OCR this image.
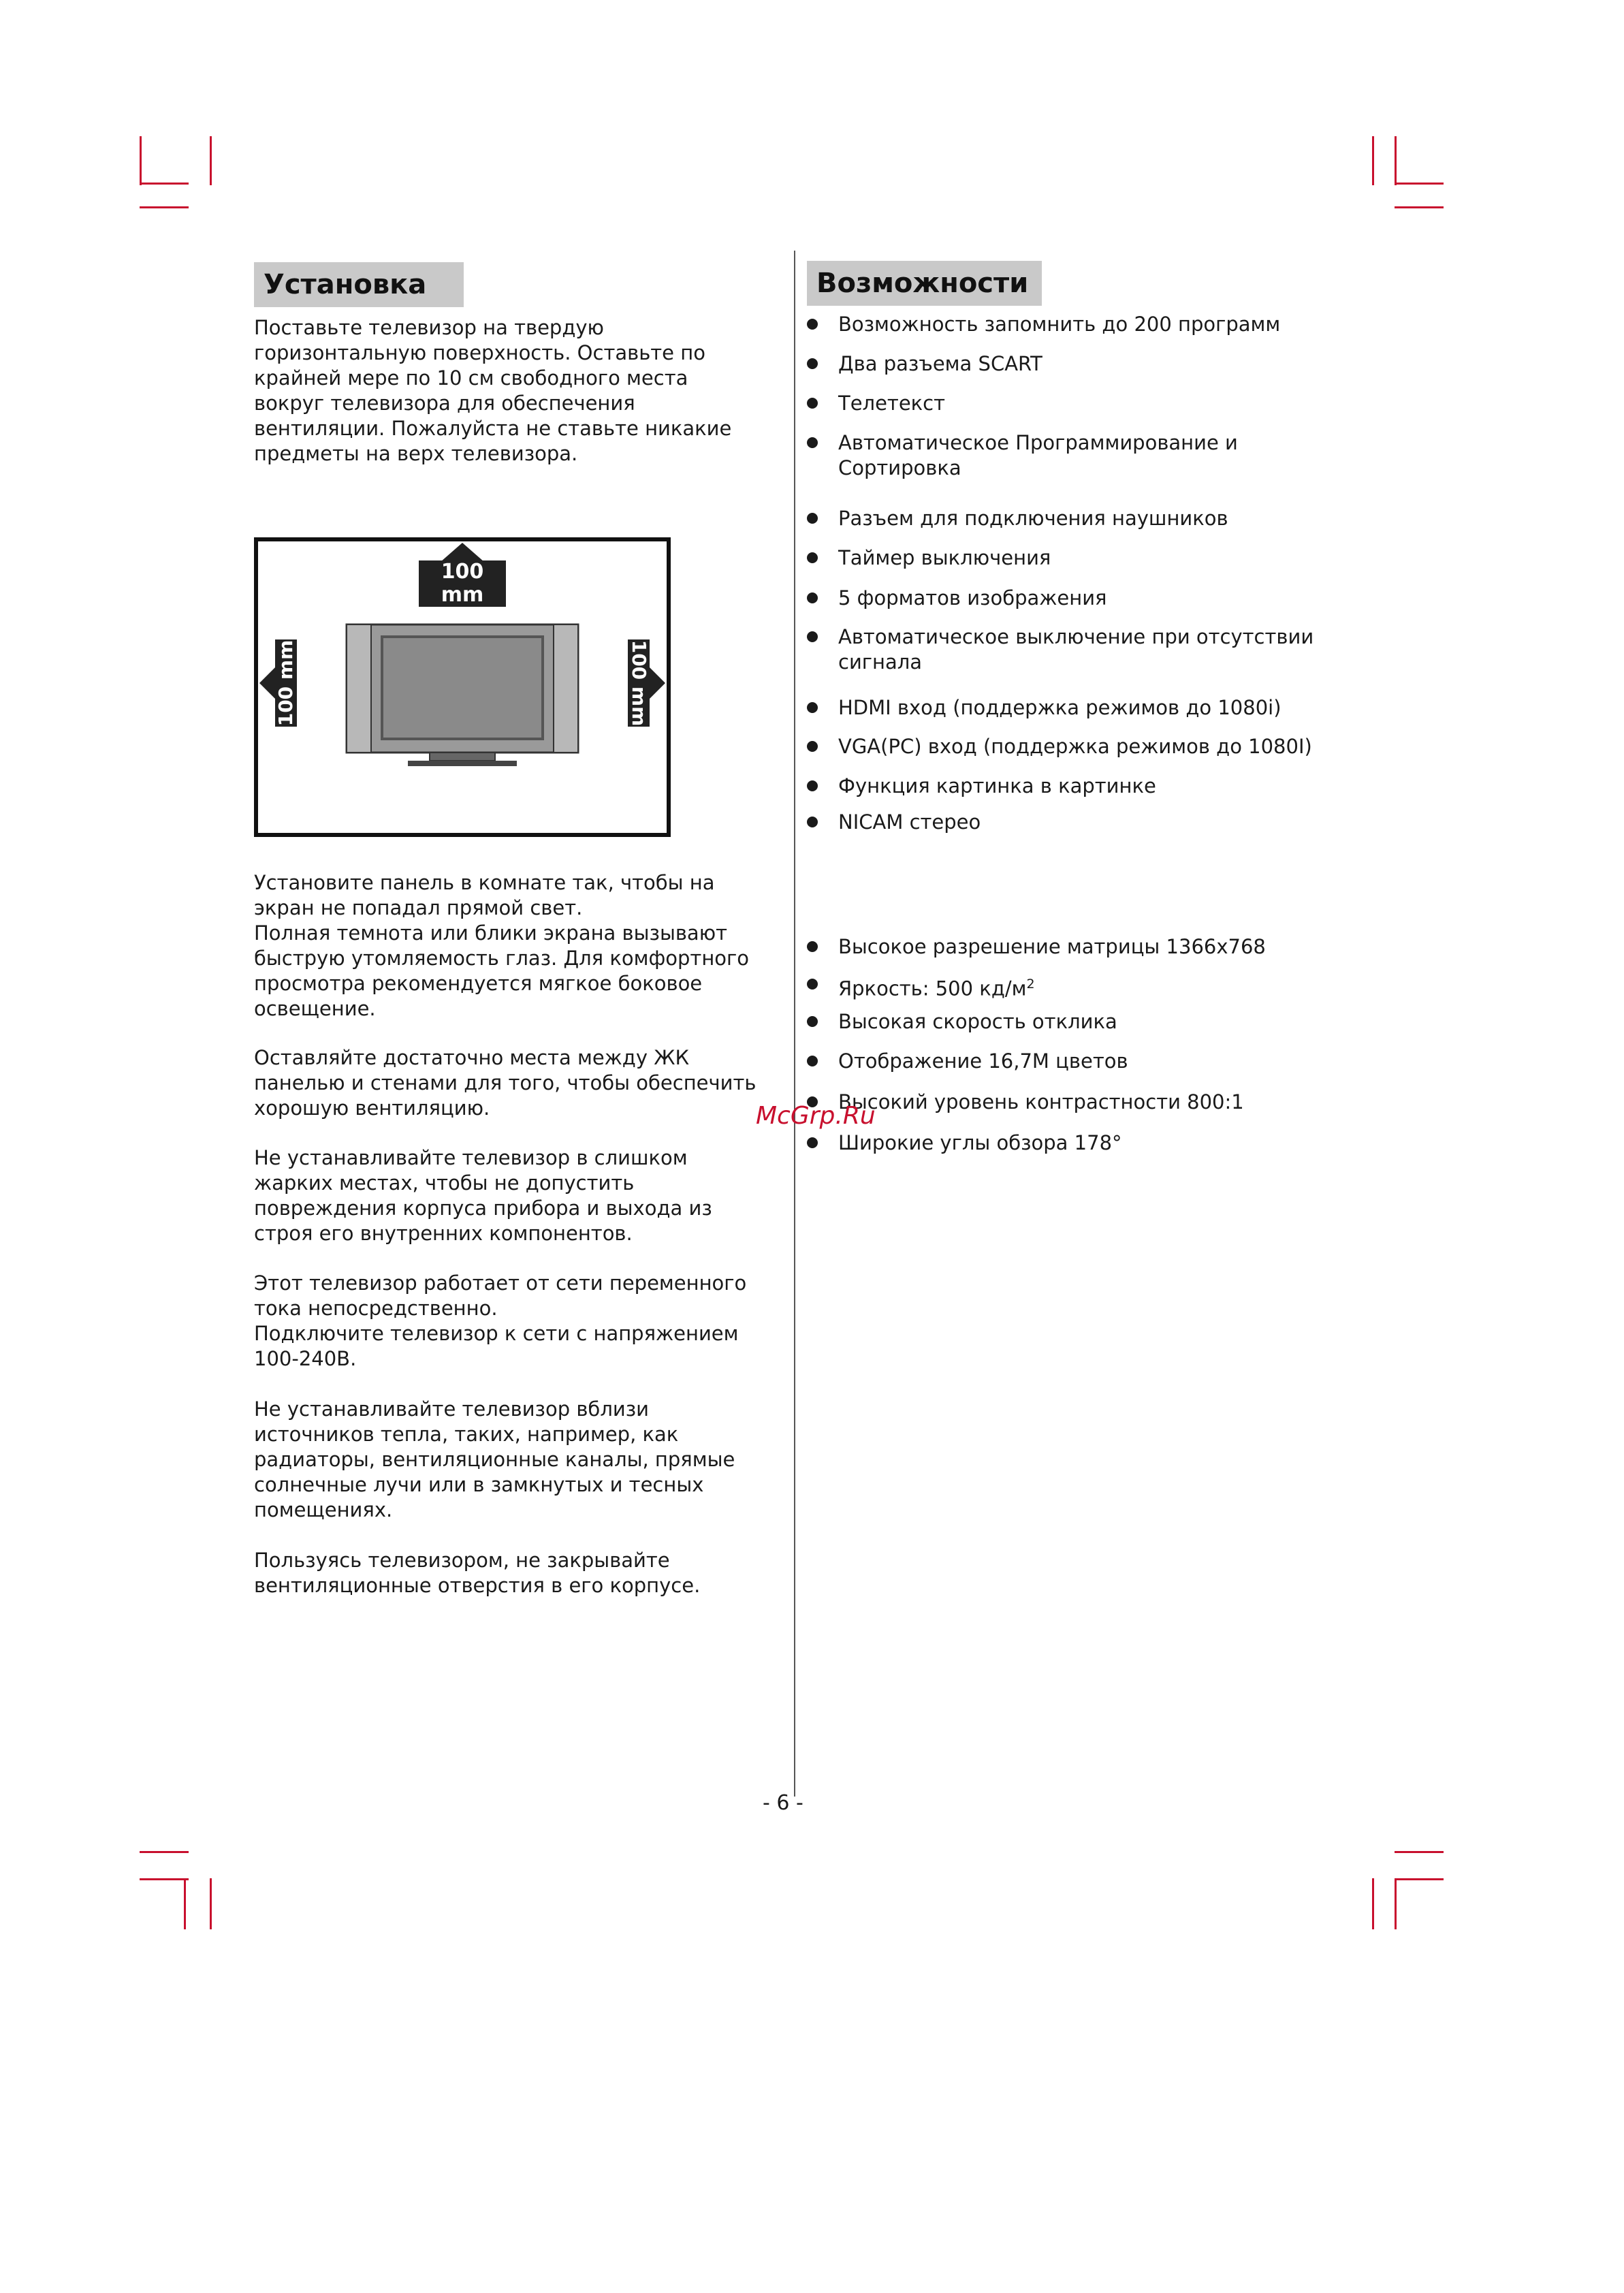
Установка

Поставьте телевизор на твердую
горизонтальную поверхность. Оставьте по
крайней мере по 10 см свободного места
вокруг телевизора для обеспечения
вентиляции. Пожалуйста не ставьте никакие
предметы на верх телевизора.

100 mm
100 mm	100 mm

Установите панель в комнате так, чтобы на
экран не попадал прямой свет.
Полная темнота или блики экрана вызывают
быструю утомляемость глаз. Для комфортного
просмотра рекомендуется мягкое боковое
освещение.

Оставляйте достаточно места между ЖК
панелью и стенами для того, чтобы обеспечить
хорошую вентиляцию.

Не устанавливайте телевизор в слишком
жарких местах, чтобы не допустить
повреждения корпуса прибора и выхода из
строя его внутренних компонентов.

Этот телевизор работает от сети переменного
тока непосредственно.
Подключите телевизор к сети с напряжением
100-240В.

Не устанавливайте телевизор вблизи
источников тепла, таких, например, как
радиаторы, вентиляционные каналы, прямые
солнечные лучи или в замкнутых и тесных
помещениях.

Пользуясь телевизором, не закрывайте
вентиляционные отверстия в его корпусе.

Возможности
Возможность запомнить до 200 программ
Два разъема SCART
Телетекст
Автоматическое Программирование и
Сортировка
Разъем для подключения наушников
Таймер выключения
5 форматов изображения
Автоматическое выключение при отсутствии
сигнала
HDMI вход (поддержка режимов до 1080i)
VGA(PC) вход (поддержка режимов до 1080I)
Функция картинка в картинке
NICAM стерео
Высокое разрешение матрицы 1366x768
Яркость: 500 $кд/м^2$
Высокая скорость отклика
Отображение 16,7M цветов
Высокий уровень контрастности 800:1
Широкие углы обзора 178°
McGrp.Ru
- 6 -
